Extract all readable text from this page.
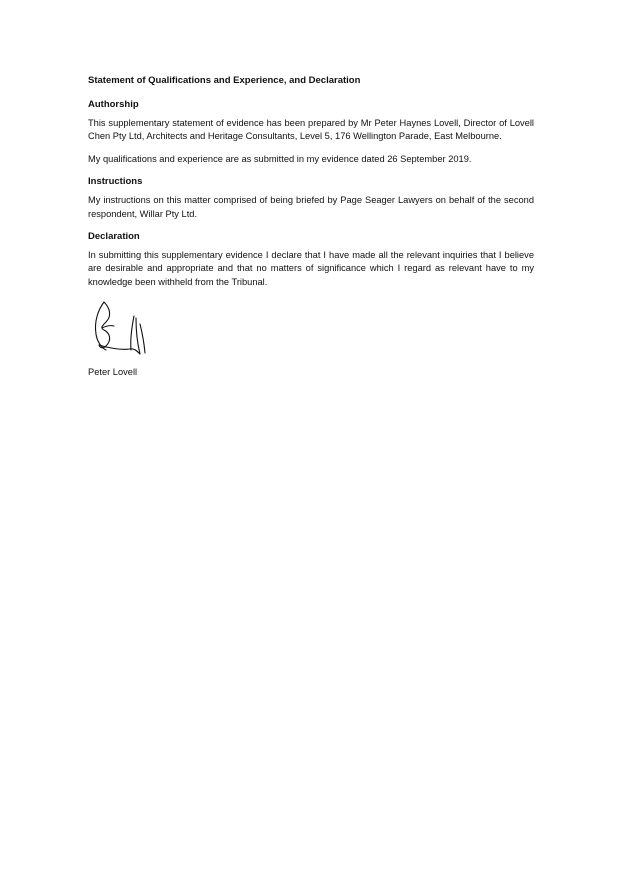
Statement of Qualifications and Experience, and Declaration

Authorship

This supplementary statement of evidence has been prepared by Mr Peter Haynes Lovell, Director of Lovell Chen Pty Ltd, Architects and Heritage Consultants, Level 5, 176 Wellington Parade, East Melbourne.

My qualifications and experience are as submitted in my evidence dated 26 September 2019.

Instructions

My instructions on this matter comprised of being briefed by Page Seager Lawyers on behalf of the second respondent, Willar Pty Ltd.

Declaration

In submitting this supplementary evidence I declare that I have made all the relevant inquiries that I believe are desirable and appropriate and that no matters of significance which I regard as relevant have to my knowledge been withheld from the Tribunal.

Peter Lovell
